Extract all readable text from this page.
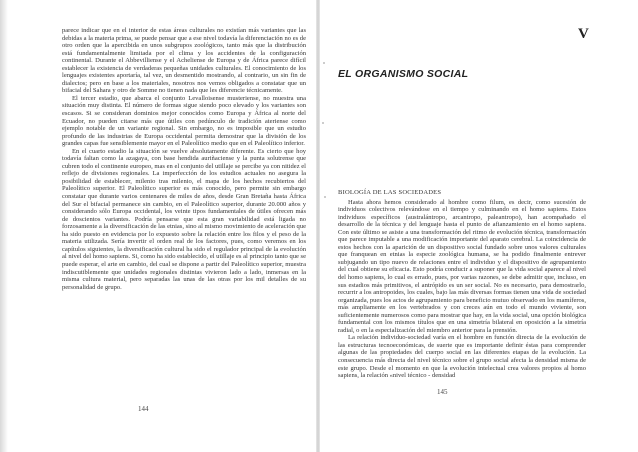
parece indicar que en el interior de estas áreas culturales no existían más variantes que las debidas a la materia prima, se puede pensar que a ese nivel todavía la diferenciación no es de otro orden que la apercibida en unos subgrupos zoológicos, tanto más que la distribución está fundamentalmente limitada por el clima y los accidentes de la configuración continental. Durante el Abbevilliense y el Acheliense de Europa y de África parece difícil establecer la existencia de verdaderas pequeñas unidades culturales. El conocimiento de los lenguajes existentes aportaría, tal vez, un desmentido mostrando, al contrario, un sin fin de dialectos; pero en base a los materiales, nosotros nos vemos obligados a constatar que un bifacial del Sahara y otro de Somme no tienen nada que les diferencie técnicamente.

El tercer estadio, que abarca el conjunto Levalloisense musteriense, no muestra una situación muy distinta. El número de formas sigue siendo poco elevado y los variantes son escasos. Si se consideran dominios mejor conocidos como Europa y África al norte del Ecuador, no pueden citarse más que útiles con pedúnculo de tradición ateriense como ejemplo notable de un variante regional. Sin embargo, no es imposible que un estudio profundo de las industrias de Europa occidental permita demostrar que la división de los grandes capas fue sensiblemente mayor en el Paleolítico medio que en el Paleolítico inferior.

En el cuarto estadio la situación se vuelve absolutamente diferente. Es cierto que hoy todavía faltan como la azagaya, con base hendida auriñaciense y la punta solutrense que cubren todo el continente europeo, mas en el conjunto del utillaje se percibe ya con nitidez el reflejo de divisiones regionales. La imperfección de los estudios actuales no asegura la posibilidad de establecer, milenio tras milenio, el mapa de los hechos recubiertos del Paleolítico superior. El Paleolítico superior es más conocido, pero permite sin embargo constatar que durante varios centenares de miles de años, desde Gran Bretaña hasta África del Sur el bifacial permanece sin cambio, en el Paleolítico superior, durante 20.000 años y considerando sólo Europa occidental, los veinte tipos fundamentales de útiles ofrecen más de doscientos variantes. Podría pensarse que esta gran variabilidad está ligada no forzosamente a la diversificación de las etnias, sino al mismo movimiento de aceleración que ha sido puesto en evidencia por lo expuesto sobre la relación entre los filos y el peso de la materia utilizada. Sería invertir el orden real de los factores, pues, como veremos en los capítulos siguientes, la diversificación cultural ha sido el regulador principal de la evolución al nivel del homo sapiens. Si, como ha sido establecido, el utillaje es al principio tanto que se puede esperar, el arte en cambio, del cual se dispone a partir del Paleolítico superior, muestra indiscutiblemente que unidades regionales distintas vivieron lado a lado, inmersas en la misma cultura material, pero separadas las unas de las otras por los mil detalles de su personalidad de grupo.

144
V
EL ORGANISMO SOCIAL

BIOLOGÍA DE LAS SOCIEDADES

Hasta ahora hemos considerado al hombre como filum, es decir, como sucesión de individuos colectivos relevándose en el tiempo y culminando en el homo sapiens. Estos individuos específicos (australántropo, arcantropo, paleantropo), han acompañado el desarrollo de la técnica y del lenguaje hasta el punto de afianzamiento en el homo sapiens. Con este último se asiste a una transformación del ritmo de evolución técnica, transformación que parece imputable a una modificación importante del aparato cerebral. La coincidencia de estos hechos con la aparición de un dispositivo social fundado sobre unos valores culturales que franquean en etnias la especie zoológica humana, se ha podido finalmente entrever subjugando un tipo nuevo de relaciones entre el individuo y el dispositivo de agrupamiento del cual obtiene su eficacia. Esto podría conducir a suponer que la vida social aparece al nivel del homo sapiens, lo cual es errado, pues, por varias razones, se debe admitir que, incluso, en sus estadios más primitivos, el antrópido es un ser social. No es necesario, para demostrarlo, recurrir a los antropoides, los cuales, bajo las más diversas formas tienen una vida de sociedad organizada, pues los actos de agrupamiento para beneficio mutuo observado en los mamíferos, más ampliamente en los vertebrados y con creces aún en todo el mundo viviente, son suficientemente numerosos como para mostrar que hay, en la vida social, una opción biológica fundamental con los mismos títulos que en una simetría bilateral en oposición a la simetría radial, o en la especialización del miembro anterior para la prensión.

La relación individuo-sociedad varía en el hombre en función directa de la evolución de las estructuras tecnoeconómicas, de suerte que es importante definir éstas para comprender algunas de las propiedades del cuerpo social en las diferentes etapas de la evolución. La consecuencia más directa del nivel técnico sobre el grupo social afecta la densidad misma de este grupo. Desde el momento en que la evolución intelectual crea valores propios al homo sapiens, la relación «nivel técnico - densidad

145
